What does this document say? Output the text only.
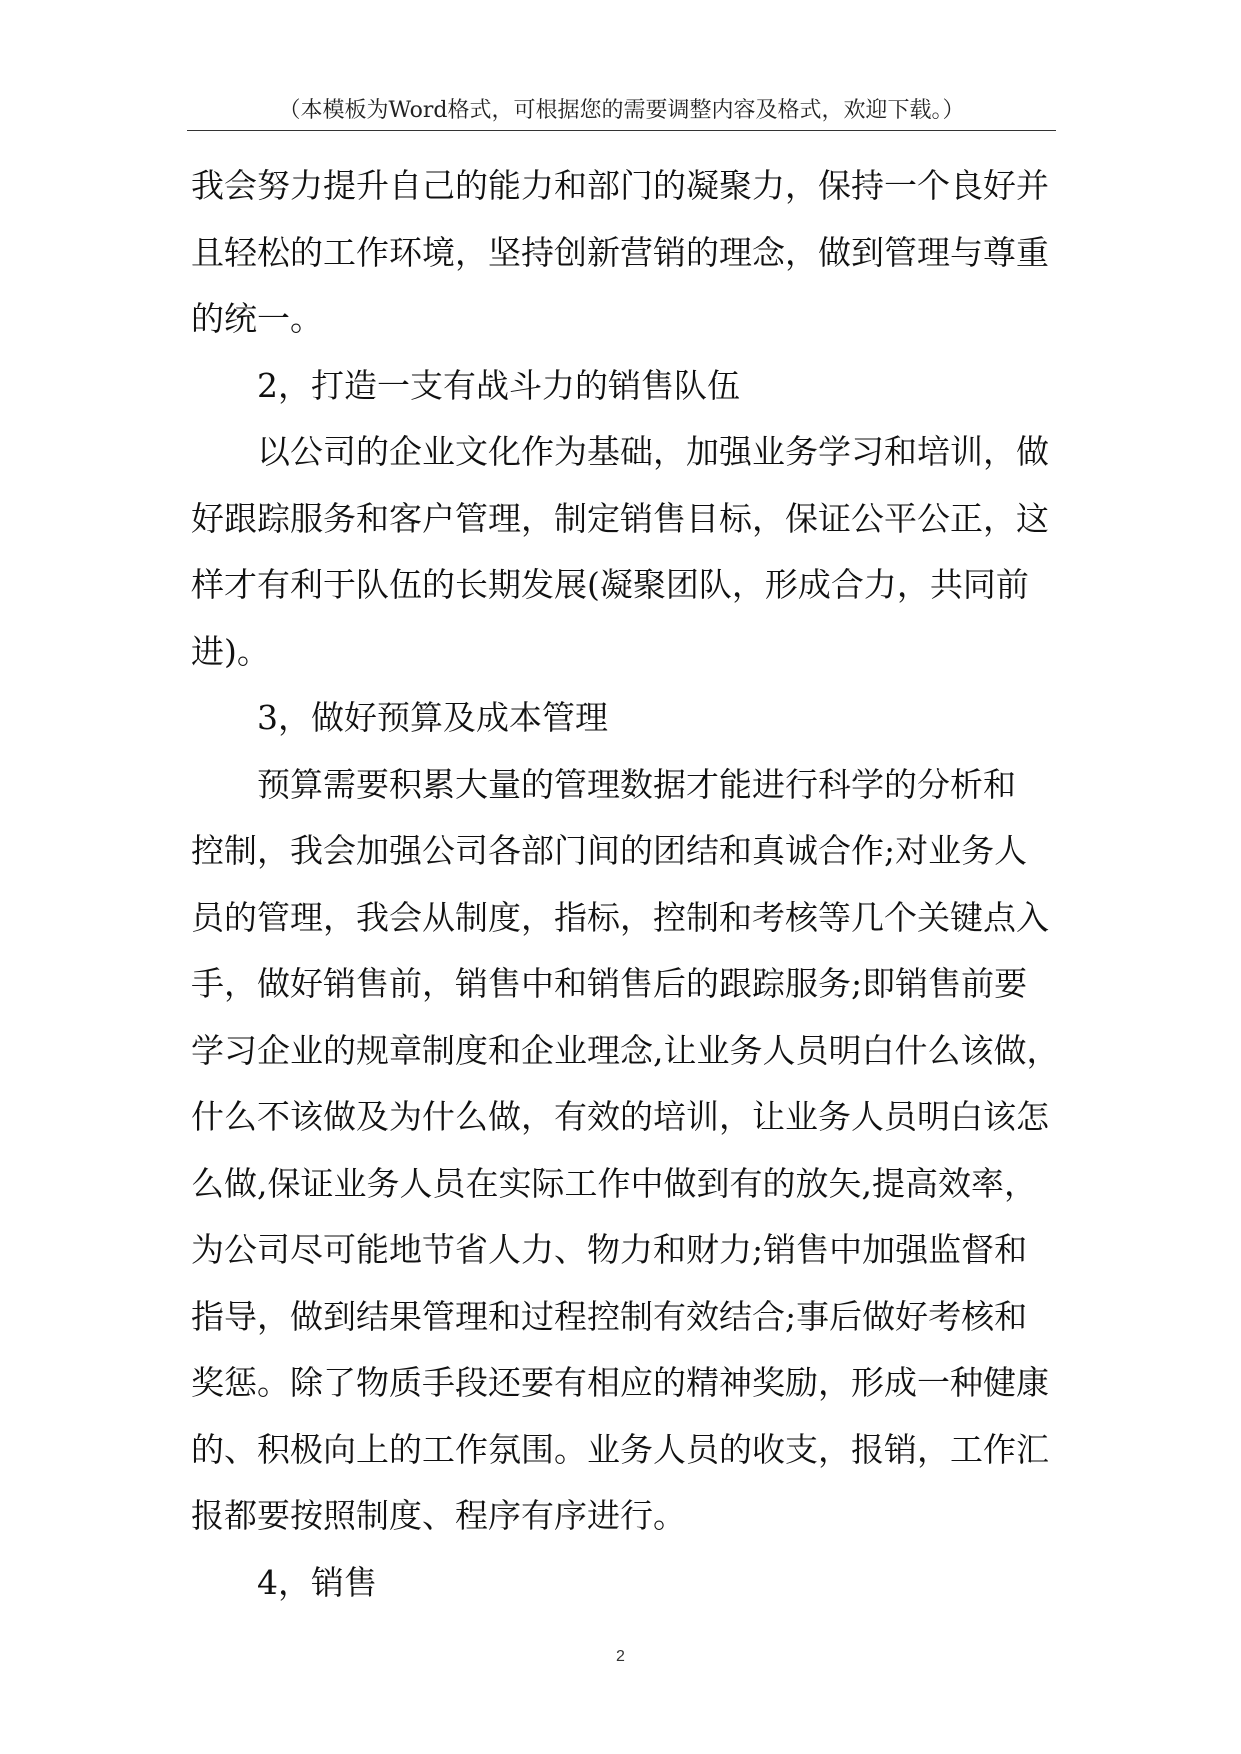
（本模板为Word格式，可根据您的需要调整内容及格式，欢迎下载。）
我会努力提升自己的能力和部门的凝聚力，保持一个良好并
且轻松的工作环境，坚持创新营销的理念，做到管理与尊重
的统一。
2，打造一支有战斗力的销售队伍
以公司的企业文化作为基础，加强业务学习和培训，做
好跟踪服务和客户管理，制定销售目标，保证公平公正，这
样才有利于队伍的长期发展(凝聚团队，形成合力，共同前
进)。
3，做好预算及成本管理
预算需要积累大量的管理数据才能进行科学的分析和
控制，我会加强公司各部门间的团结和真诚合作;对业务人
员的管理，我会从制度，指标，控制和考核等几个关键点入
手，做好销售前，销售中和销售后的跟踪服务;即销售前要
学习企业的规章制度和企业理念,让业务人员明白什么该做，
什么不该做及为什么做，有效的培训，让业务人员明白该怎
么做,保证业务人员在实际工作中做到有的放矢,提高效率，
为公司尽可能地节省人力、物力和财力;销售中加强监督和
指导，做到结果管理和过程控制有效结合;事后做好考核和
奖惩。除了物质手段还要有相应的精神奖励，形成一种健康
的、积极向上的工作氛围。业务人员的收支，报销，工作汇
报都要按照制度、程序有序进行。
4，销售
2
